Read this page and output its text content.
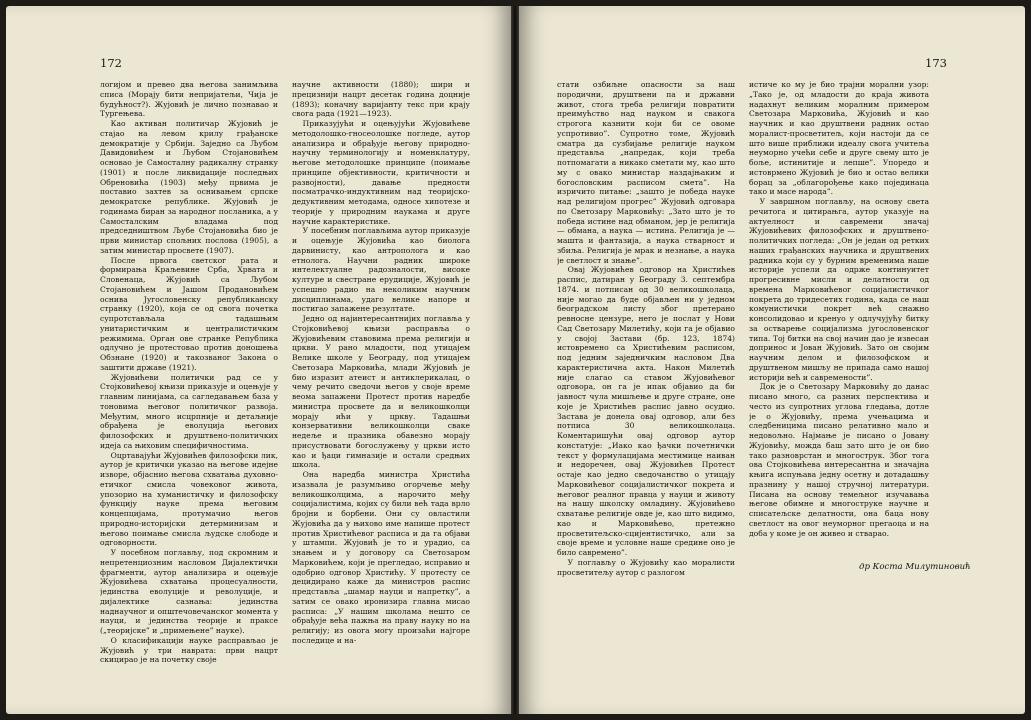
172

логијом и превео два његова занимљива списа (Морају бити непријатељи, Чија је будућност?). Жујовић је лично познавао и Тургењева.

Као активан политичар Жујовић је стајао на левом крилу грађанске демократије у Србији. Заједно са Љубом Давидовићем и Љубом Стојановићем основао је Самосталну радикалну странку (1901) и после ликвидације последњих Обреновића (1903) међу првима је поставио захтев за оснивањем српске демократске републике. Жујовић је годинама биран за народног посланика, а у Самосталским владама под председништвом Љубе Стојановића био је први министар спољних послова (1905), а затим министар просвете (1907).

После првога светског рата и формирања Краљевине Срба, Хрвата и Словенаца, Жујовић са Љубом Стојановићем и Јашом Продановићем оснива Југословенску републиканску странку (1920), која се од свога почетка супротстављала тадашњим унитаристичким и централистичким режимима. Орган ове странке Република одлучно је протестовао против доношења Обзнане (1920) и такозваног Закона о заштити државе (1921).

Жујовићеви политички рад се у Стојковићевој књизи приказује и оцењује у главним линијама, са сагледавањем база у тоновима његовог политичког развоја. Међутим, много исцрпније и детаљније обрађена је еволуција његових филозофских и друштвено-политичких идеја са њиховим специфичностима.

Оцртавајући Жујовићев филозофски лик, аутор је критички указао на његове идејне изворе, објаснио његова схватања духовно-етичког смисла човековог живота, упозорио на хуманистичку и филозофску функцију науке према његовим концепцијама, протумачио његов природно-историјски детерминизам и његово поимање смисла људске слободе и одговорности.

У посебном поглављу, под скромним и непретенциозним насловом Дијалектички фрагменти, аутор анализира и оцењује Жујовићева схватања процесуалности, јединства еволуције и револуције, и дијалектике сазнања: јединства наднаучног и општечовечанског момента у науци, и јединства теорије и праксе („теоријске” и „примењене” науке).

О класификацији науке расправљао је Жујовић у три наврата: први нацрт скицирао је на почетку своје

научне активности (1880); шири и прецизнији нацрт десетак година доцније (1893); коначну варијанту текс при крају свога рада (1921—1923).

Приказујући и оцењујући Жујовићеве методолошко-гносеолошке погледе, аутор анализира и обрађује његову природно-научну терминологију и номенклатуру, његове методолошке принципе (поимање принципе објективности, критичности и развојности), давање предности посматрачко-индуктивним над теоријско-дедуктивним методама, односе хипотезе и теорије у природним наукама и друге научне карактеристике.

У посебним поглављима аутор приказује и оцењује Жујовића као биолога дарвинисту, као антрополога и као етнолога. Научни радник широке интелектуалне радозналости, високе културе и свестране ерудиције, Жујовић је успешно радио на неколиким научним дисциплинама, удаго велике напоре и постигао запажене резултате.

Једно од најинтересантнијих поглавља у Стојковићевој књизи расправља о Жујовићевим ставовима према религији и цркви. У рано младости, под утицајем Велике школе у Београду, под утицајем Светозара Марковића, млади Жујовић је био изразит атеист и антиклерикалац, о чему речито сведочи његов у своје време веома запажени Протест против наредбе министра просвете да и великошколци морају ићи у цркву. Тадашњи конзервативни великошколци сваке недеље и празника обавезно морају присуствовати богослужењу у цркви исто као и ђаци гимназије и остали средњих школа.

Она наредба министра Христића изазвала је разумљиво огорчење међу великошколцима, а нарочито међу социјалистима, којих су били већ тада врло бројни и борбени. Они су овластили Жујовића да у њихово име напише протест против Христићевог расписа и да га објави у штампи. Жујовић је то и урадио, са знањем и у договору са Светозаром Марковићем, који је прегледао, исправио и одобрио одговор Христићу. У протесту се децидирано каже да министров распис представља „шамар науци и напретку”, а затим се овако иронизира главна мисао расписа: „У нашим школама нешто се обрађује већа пажња на праву науку но на религију; из овога могу произаћи најгоре последице и на-

173

стати озбиљне опасности за наш породични, друштвени па и државни живот, стога треба религији повратити преимућство над науком и свакога строгога казнити који би се овоме успротивио”. Супротно томе, Жујовић сматра да сузбијање религије науком представља „напредак, који треба потпомагати а никако сметати му, као што му с овако министар наздајњаким и богословским расписом смета”. На изричито питање: „зашто је победа науке над религијом прогрес” Жујовић одговара по Светозару Марковићу: „Зато што је то победа истине над обманом, јер је религија — обмана, а наука — истина. Религија је — машта и фантазија, а наука стварност и збиља. Религија је мрак и незнање, а наука је светлост и знање”.

Овај Жујовићев одговор на Христићев распис, датиран у Београду 3. септембра 1874. и потписан од 30 великошколаца, није могао да буде објављен ни у једном београдском листу због претерано ревносне цензуре, него је послат у Нови Сад Светозару Милетићу, који га је објавио у својој Застави (бр. 123, 1874) истовремено са Христићевим расписом, под једним заједничким насловом Два карактеристична акта. Након Милетић није слагао са ставом Жујовићевог одговора, он га је ипак објавио да би јавност чула мишљење и друге стране, оне које је Христићев распис јавно осудио. Застава је донела овај одговор, али без потписа 30 великошколаца. Коментаришући овај одговор аутор констатује: „Иако као ђачки почетнички текст у формулацијама местимице наиван и недоречен, овај Жујовићев Протест остаје као једно сведочанство о утицају Марковићевог социјалистичког покрета и његовог реалног правца у науци и животу на нашу школску омладину. Жујовићево схватање религије овде је, као што видимо, као и Марковићево, претежно просветитељско-сцијентистичко, али за своје време и условне наше средине оно је било савремено”.

У поглављу о Жујовићу као моралисти просветитељу аутор с разлогом

истиче ко му је био трајни морални узор: „Тако је, од младости до краја живота надахнут великим моралним примером Светозара Марковића, Жујовић и као научник и као друштвени радник остао моралист-просветитељ, који настоји да се што више приближи идеалу свога учитеља неуморно учећи себе и друге свему што је боље, истинитије и лепше”. Упоредо и истоврмено Жујовић је био и остао велики борац за „облагорођење како појединаца тако и масе народа”.

У завршном поглављу, на основу света речитога и цитирањга, аутор указује на актуелност и савремени значај Жујовићевих филозофских и друштвено-политичких погледа: „Он је један од ретких наших грађанских научника и друштвених радника који су у бурним временима наше историје успели да одрже континуитет прогресивне мисли и делатности од времена Марковићевог социјалистичког покрета до тридесетих година, када се наш комунистички покрет већ снажно консолидовао и кренуо у одлучујућу битку за остварење социјализма југословенског типа. Тој битки на свој начин дао је извесан допринос и Јован Жујовић. Зато он својим научним делом и филозофском и друштвеном мишљу не припада само нашој историји већ и савремености”.

Док је о Светозару Марковићу до данас писано много, са разних перспектива и често из супротних углова гледања, дотле је о Жујовићу, према учењацима и следбеницима писано релативно мало и недовољно. Најмање је писано о Јовану Жујовићу, можда баш зато што је он био тако разноврстан и многострук. Због тога ова Стојковићева интересантна и значајна књига испуњава једну осетну и дотадашњу празнину у нашој стручној литератури. Писана на основу темељног изучавања његове обимне и многоструке научне и списатељске делатности, она баца нову светлост на овог неуморног прегаоца и на доба у коме је он живео и стварао.

др Коста Милутиновић
